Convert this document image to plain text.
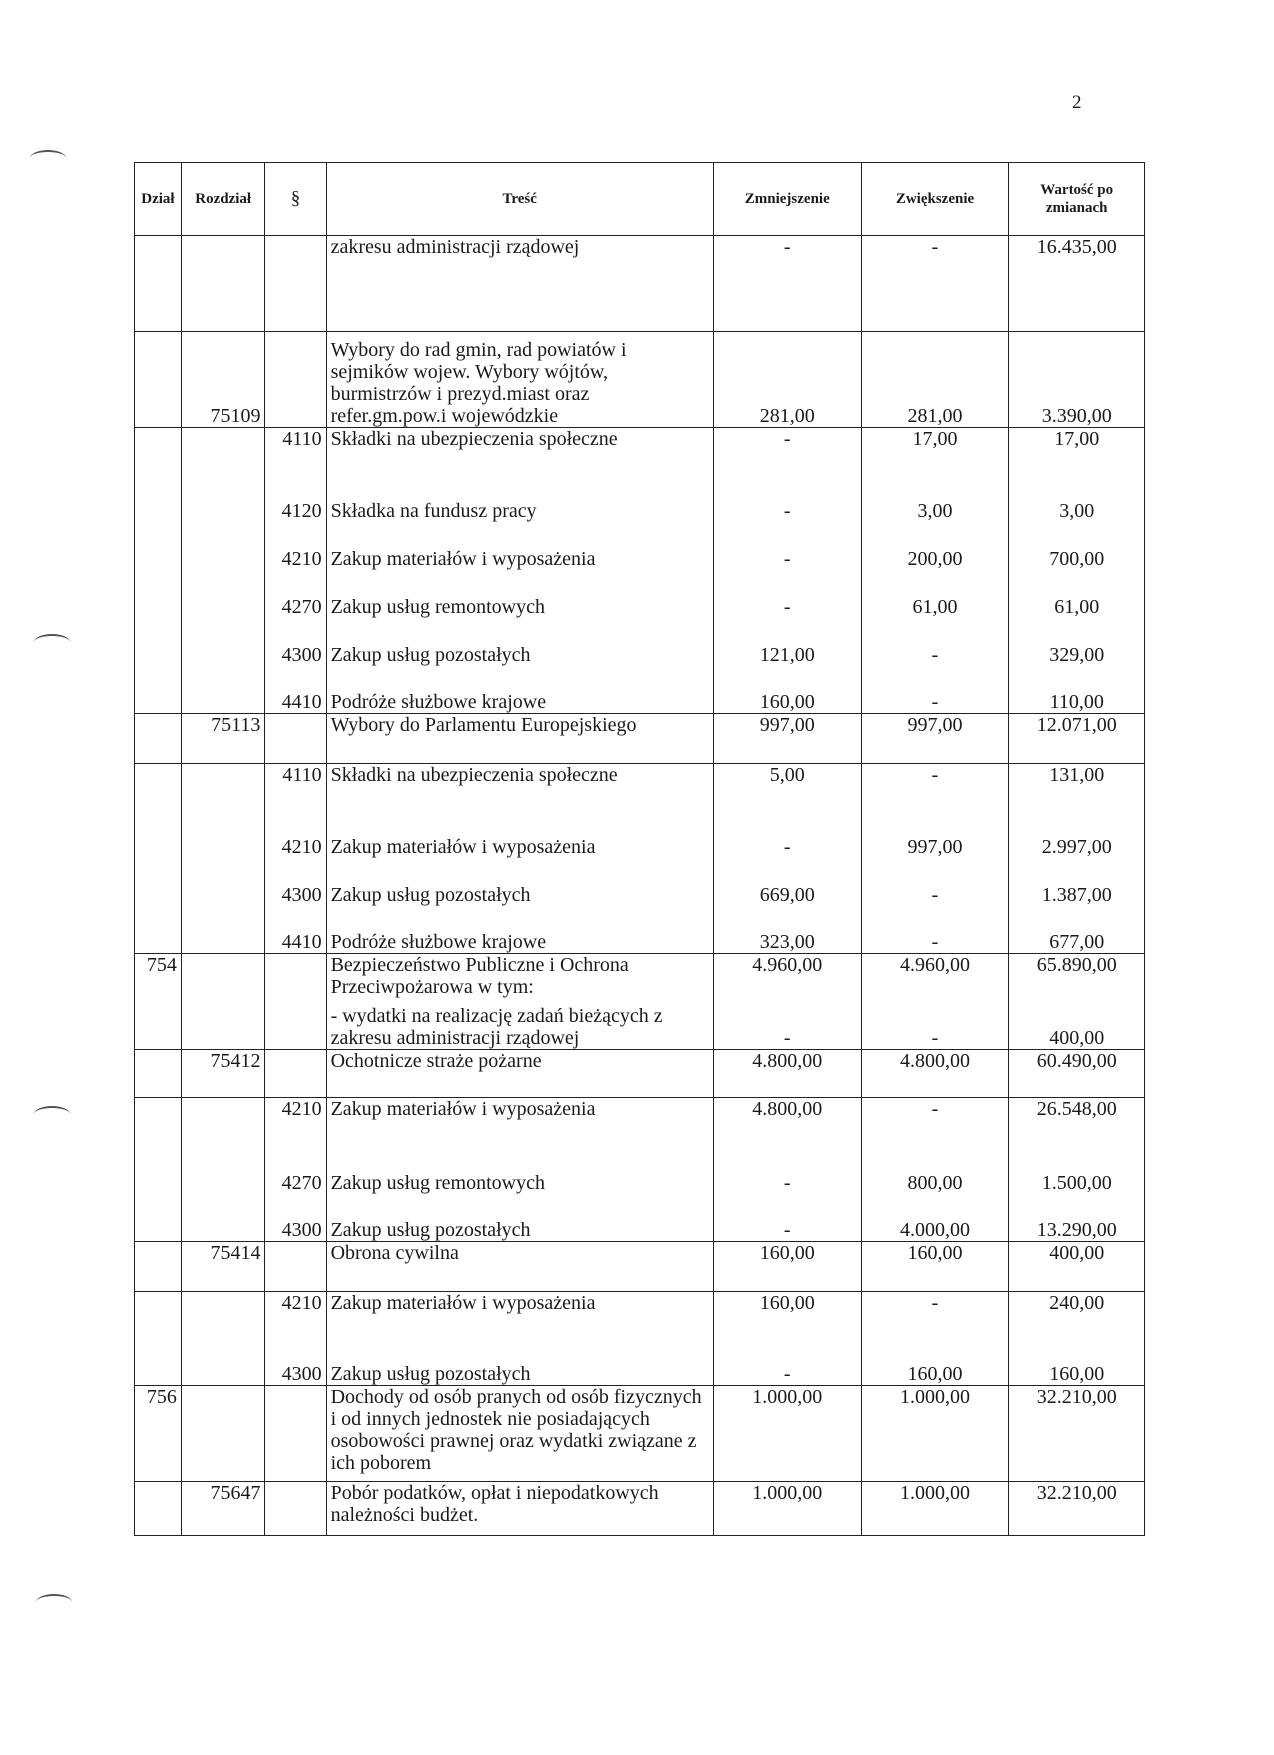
2
Dział	Rozdział	§	Treść	Zmniejszenie	Zwiększenie	Wartość po zmianach
			zakresu administracji rządowej	-	-	16.435,00
	75109		Wybory do rad gmin, rad powiatów i sejmików wojew. Wybory wójtów, burmistrzów i prezyd.miast oraz refer.gm.pow.i wojewódzkie	281,00	281,00	3.390,00
		4110	Składki na ubezpieczenia społeczne	-	17,00	17,00
		4120	Składka na fundusz pracy	-	3,00	3,00
		4210	Zakup materiałów i wyposażenia	-	200,00	700,00
		4270	Zakup usług remontowych	-	61,00	61,00
		4300	Zakup usług pozostałych	121,00	-	329,00
		4410	Podróże służbowe krajowe	160,00	-	110,00
	75113		Wybory do Parlamentu Europejskiego	997,00	997,00	12.071,00
		4110	Składki na ubezpieczenia społeczne	5,00	-	131,00
		4210	Zakup materiałów i wyposażenia	-	997,00	2.997,00
		4300	Zakup usług pozostałych	669,00	-	1.387,00
		4410	Podróże służbowe krajowe	323,00	-	677,00
754			Bezpieczeństwo Publiczne i Ochrona Przeciwpożarowa w tym:	4.960,00	4.960,00	65.890,00
			- wydatki na realizację zadań bieżących z zakresu administracji rządowej	-	-	400,00
	75412		Ochotnicze straże pożarne	4.800,00	4.800,00	60.490,00
		4210	Zakup materiałów i wyposażenia	4.800,00	-	26.548,00
		4270	Zakup usług remontowych	-	800,00	1.500,00
		4300	Zakup usług pozostałych	-	4.000,00	13.290,00
	75414		Obrona cywilna	160,00	160,00	400,00
		4210	Zakup materiałów i wyposażenia	160,00	-	240,00
		4300	Zakup usług pozostałych	-	160,00	160,00
756			Dochody od osób pranych od osób fizycznych i od innych jednostek nie posiadających osobowości prawnej oraz wydatki związane z ich poborem	1.000,00	1.000,00	32.210,00
	75647		Pobór podatków, opłat i niepodatkowych należności budżet.	1.000,00	1.000,00	32.210,00
